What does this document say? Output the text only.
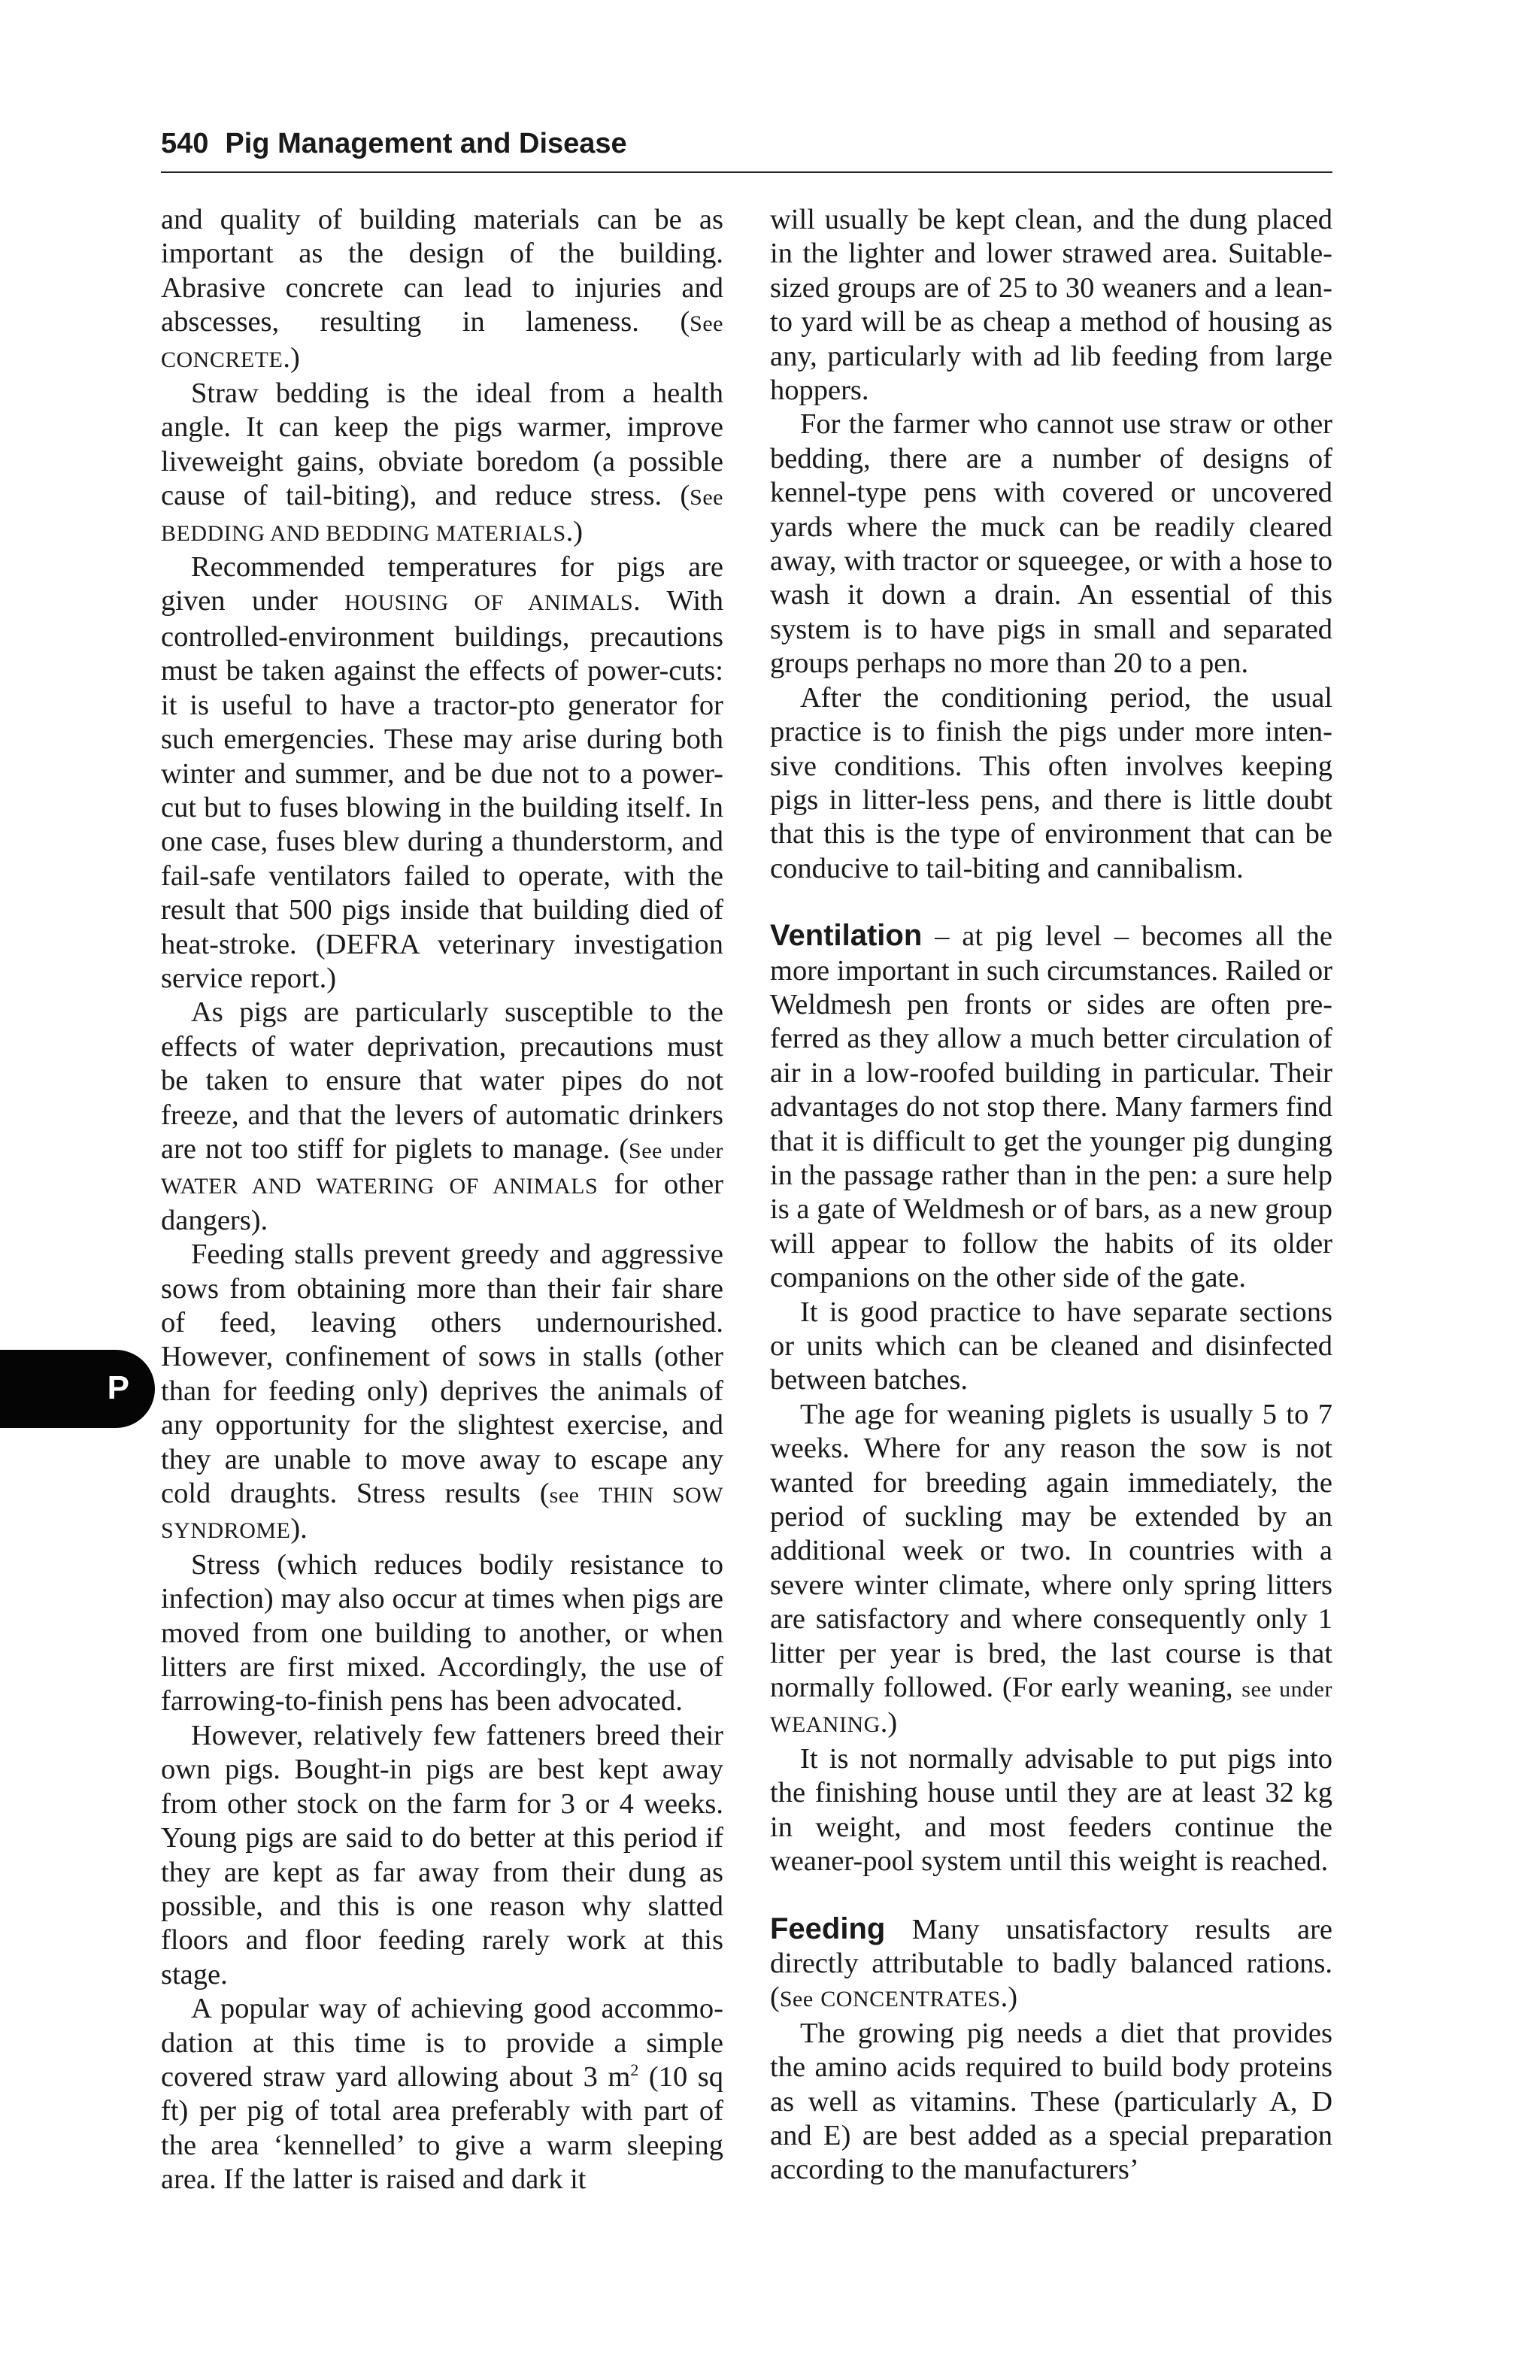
540 Pig Management and Disease
P

and quality of building materials can be as important as the design of the building. Abrasive concrete can lead to injuries and abscesses, resulting in lameness. (See CONCRETE.)

Straw bedding is the ideal from a health angle. It can keep the pigs warmer, improve liveweight gains, obviate boredom (a possible cause of tail-biting), and reduce stress. (See BEDDING AND BEDDING MATERIALS.)

Recommended temperatures for pigs are given under HOUSING OF ANIMALS. With controlled-environment buildings, precautions must be taken against the effects of power-cuts: it is useful to have a tractor-pto generator for such emergencies. These may arise during both winter and summer, and be due not to a power-cut but to fuses blowing in the building itself. In one case, fuses blew during a thunderstorm, and fail-safe ventilators failed to operate, with the result that 500 pigs inside that building died of heat-stroke. (DEFRA veterinary investigation service report.)

As pigs are particularly susceptible to the effects of water deprivation, precautions must be taken to ensure that water pipes do not freeze, and that the levers of automatic drinkers are not too stiff for piglets to manage. (See under WATER AND WATERING OF ANIMALS for other dangers).

Feeding stalls prevent greedy and aggressive sows from obtaining more than their fair share of feed, leaving others undernourished. However, confinement of sows in stalls (other than for feeding only) deprives the animals of any opportunity for the slightest exercise, and they are unable to move away to escape any cold draughts. Stress results (see THIN SOW SYNDROME).

Stress (which reduces bodily resistance to infection) may also occur at times when pigs are moved from one building to another, or when litters are first mixed. Accordingly, the use of farrowing-to-finish pens has been advocated.

However, relatively few fatteners breed their own pigs. Bought-in pigs are best kept away from other stock on the farm for 3 or 4 weeks. Young pigs are said to do better at this period if they are kept as far away from their dung as possible, and this is one reason why slatted floors and floor feeding rarely work at this stage.

A popular way of achieving good accommodation at this time is to provide a simple covered straw yard allowing about 3 $m^2$ (10 sq ft) per pig of total area preferably with part of the area ‘kennelled’ to give a warm sleeping area. If the latter is raised and dark it

will usually be kept clean, and the dung placed in the lighter and lower strawed area. Suitable-sized groups are of 25 to 30 weaners and a lean-to yard will be as cheap a method of housing as any, particularly with ad lib feeding from large hoppers.

For the farmer who cannot use straw or other bedding, there are a number of designs of kennel-type pens with covered or uncovered yards where the muck can be readily cleared away, with tractor or squeegee, or with a hose to wash it down a drain. An essential of this system is to have pigs in small and separated groups perhaps no more than 20 to a pen.

After the conditioning period, the usual practice is to finish the pigs under more intensive conditions. This often involves keeping pigs in litter-less pens, and there is little doubt that this is the type of environment that can be conducive to tail-biting and cannibalism.

Ventilation – at pig level – becomes all the more important in such circumstances. Railed or Weldmesh pen fronts or sides are often preferred as they allow a much better circulation of air in a low-roofed building in particular. Their advantages do not stop there. Many farmers find that it is difficult to get the younger pig dunging in the passage rather than in the pen: a sure help is a gate of Weldmesh or of bars, as a new group will appear to follow the habits of its older companions on the other side of the gate.

It is good practice to have separate sections or units which can be cleaned and disinfected between batches.

The age for weaning piglets is usually 5 to 7 weeks. Where for any reason the sow is not wanted for breeding again immediately, the period of suckling may be extended by an additional week or two. In countries with a severe winter climate, where only spring litters are satisfactory and where consequently only 1 litter per year is bred, the last course is that normally followed. (For early weaning, see under WEANING.)

It is not normally advisable to put pigs into the finishing house until they are at least 32 kg in weight, and most feeders continue the weaner-pool system until this weight is reached.

Feeding Many unsatisfactory results are directly attributable to badly balanced rations. (See CONCENTRATES.)

The growing pig needs a diet that provides the amino acids required to build body proteins as well as vitamins. These (particularly A, D and E) are best added as a special preparation according to the manufacturers’
